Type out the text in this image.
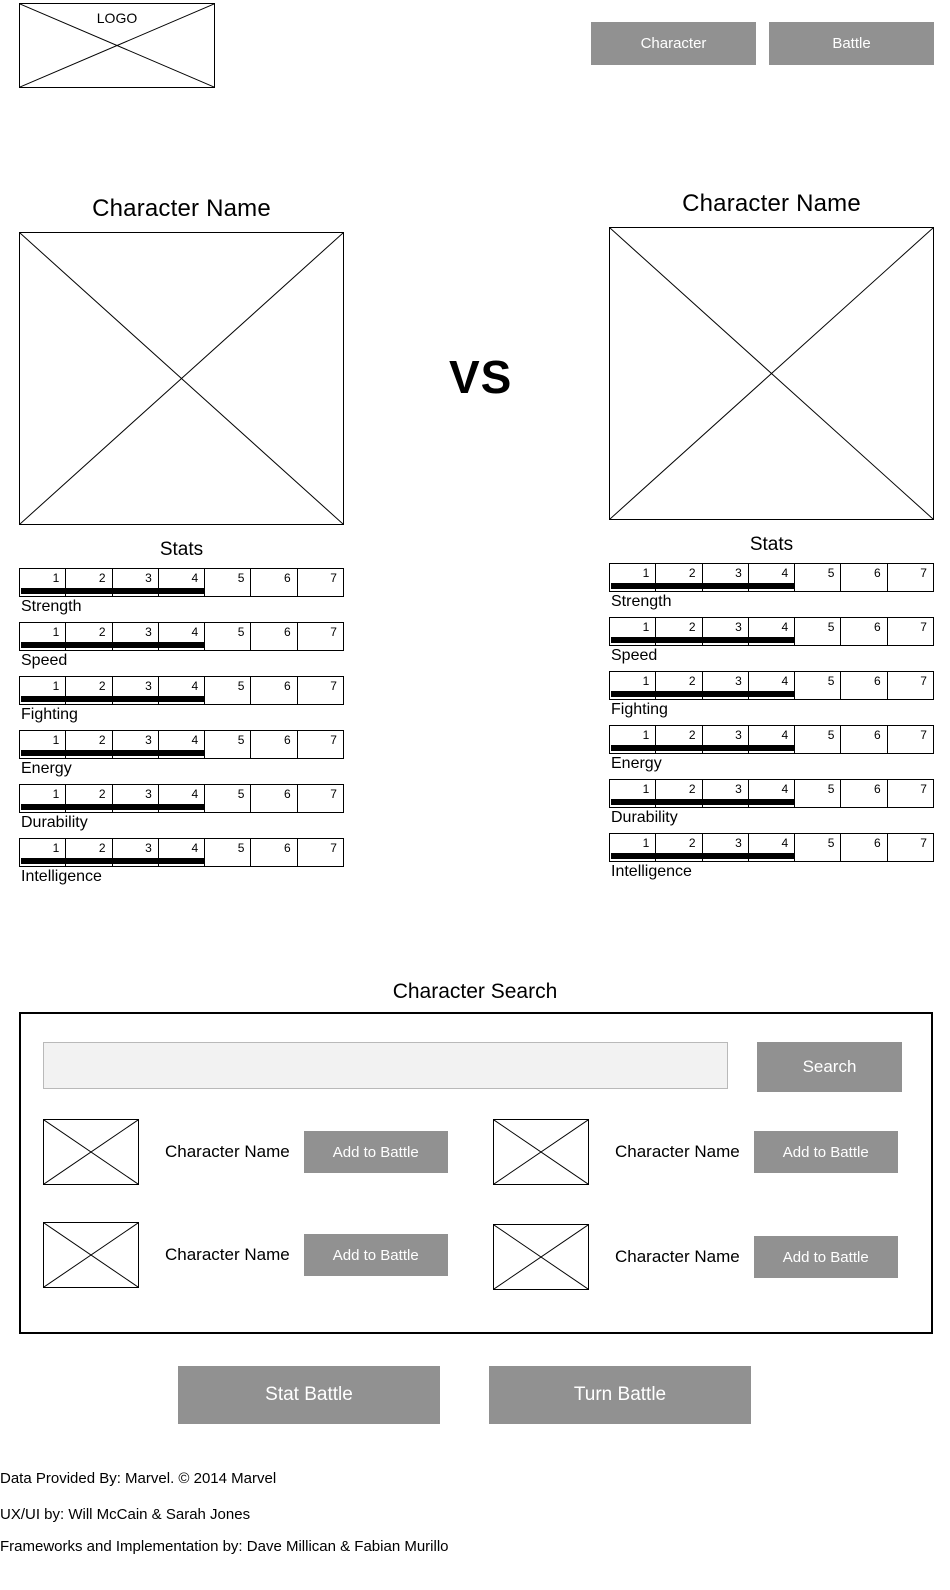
LOGO
Character	Battle
Character Name
Stats
1	2	3	4	5	6	7
Strength
1	2	3	4	5	6	7
Speed
1	2	3	4	5	6	7
Fighting
1	2	3	4	5	6	7
Energy
1	2	3	4	5	6	7
Durability
1	2	3	4	5	6	7
Intelligence
VS
Character Name
Stats
1	2	3	4	5	6	7
Strength
1	2	3	4	5	6	7
Speed
1	2	3	4	5	6	7
Fighting
1	2	3	4	5	6	7
Energy
1	2	3	4	5	6	7
Durability
1	2	3	4	5	6	7
Intelligence
Character Search
Search
Character Name	Add to Battle	Character Name	Add to Battle
Character Name	Add to Battle	Character Name	Add to Battle
Stat Battle	Turn Battle
Data Provided By: Marvel. © 2014 Marvel
UX/UI by: Will McCain & Sarah Jones
Frameworks and Implementation by: Dave Millican & Fabian Murillo
